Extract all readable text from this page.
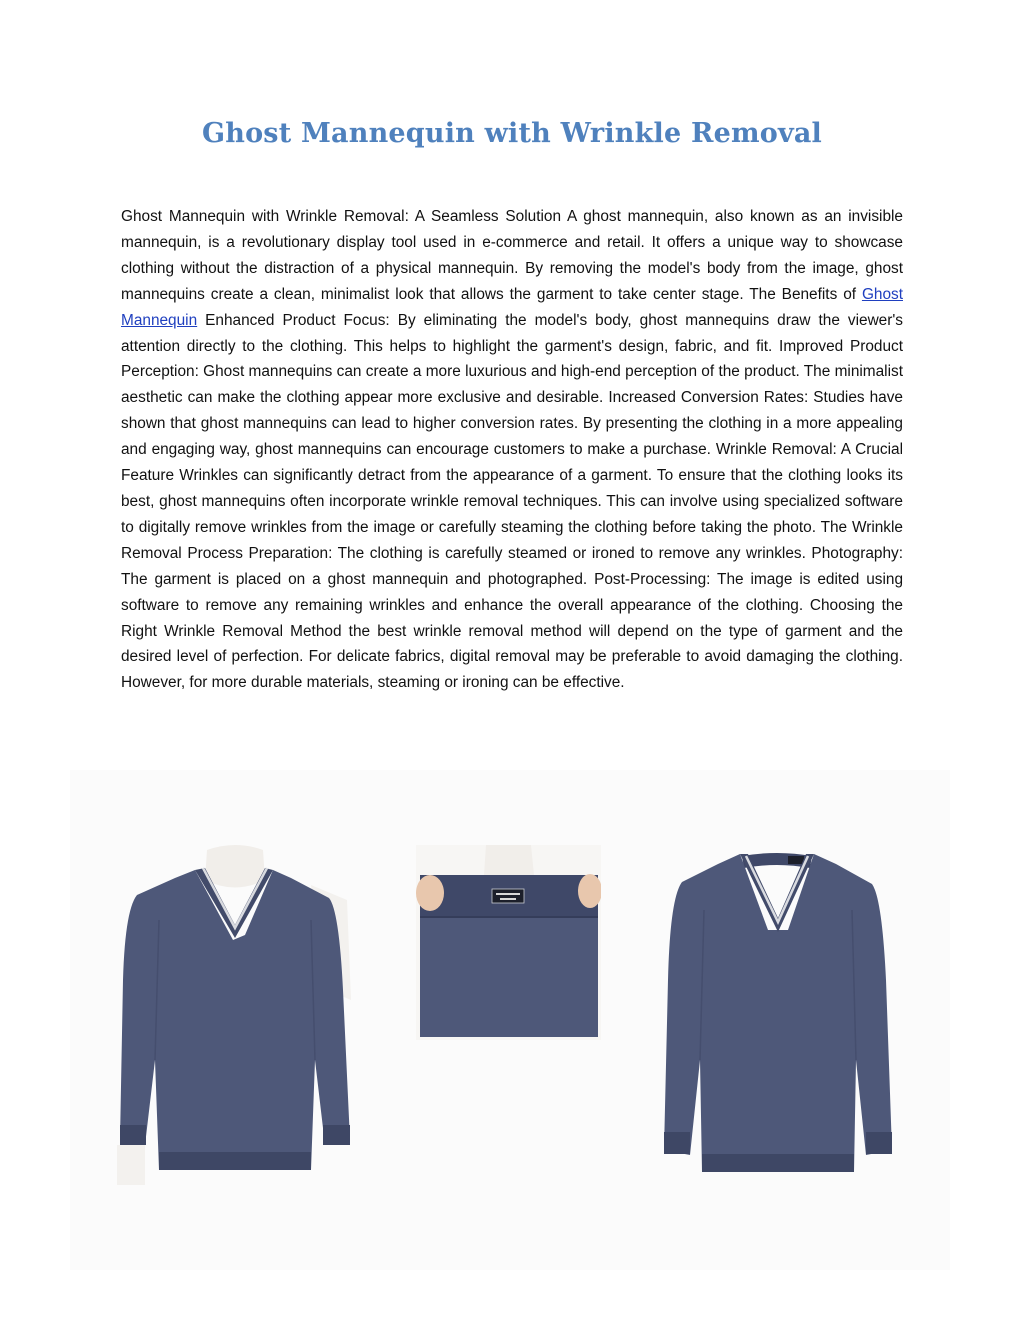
Ghost Mannequin with Wrinkle Removal

Ghost Mannequin with Wrinkle Removal: A Seamless Solution A ghost mannequin, also known as an invisible mannequin, is a revolutionary display tool used in e-commerce and retail. It offers a unique way to showcase clothing without the distraction of a physical mannequin. By removing the model's body from the image, ghost mannequins create a clean, minimalist look that allows the garment to take center stage. The Benefits of Ghost Mannequin Enhanced Product Focus: By eliminating the model's body, ghost mannequins draw the viewer's attention directly to the clothing. This helps to highlight the garment's design, fabric, and fit. Improved Product Perception: Ghost mannequins can create a more luxurious and high-end perception of the product. The minimalist aesthetic can make the clothing appear more exclusive and desirable. Increased Conversion Rates: Studies have shown that ghost mannequins can lead to higher conversion rates. By presenting the clothing in a more appealing and engaging way, ghost mannequins can encourage customers to make a purchase. Wrinkle Removal: A Crucial Feature Wrinkles can significantly detract from the appearance of a garment. To ensure that the clothing looks its best, ghost mannequins often incorporate wrinkle removal techniques. This can involve using specialized software to digitally remove wrinkles from the image or carefully steaming the clothing before taking the photo. The Wrinkle Removal Process Preparation: The clothing is carefully steamed or ironed to remove any wrinkles. Photography: The garment is placed on a ghost mannequin and photographed. Post-Processing: The image is edited using software to remove any remaining wrinkles and enhance the overall appearance of the clothing. Choosing the Right Wrinkle Removal Method the best wrinkle removal method will depend on the type of garment and the desired level of perfection. For delicate fabrics, digital removal may be preferable to avoid damaging the clothing. However, for more durable materials, steaming or ironing can be effective.
